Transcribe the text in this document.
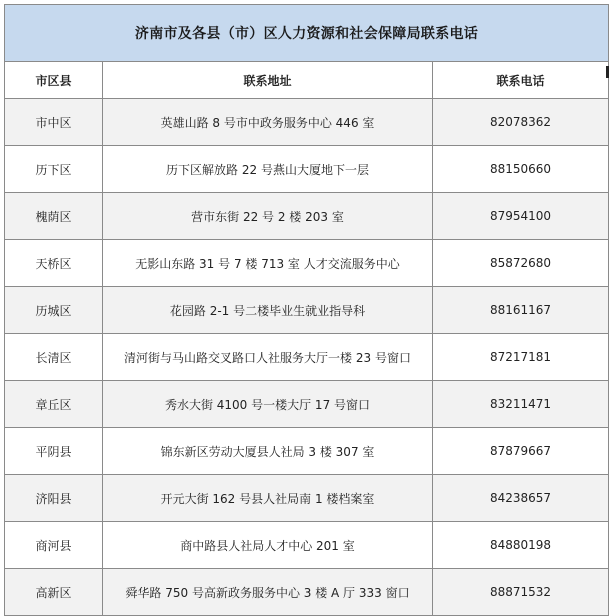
济南市及各县（市）区人力资源和社会保障局联系电话		
市区县	联系地址	联系电话
市中区	英雄山路 8 号市中政务服务中心 446 室	82078362
历下区	历下区解放路 22 号燕山大厦地下一层	88150660
槐荫区	营市东街 22 号 2 楼 203 室	87954100
天桥区	无影山东路 31 号 7 楼 713 室 人才交流服务中心	85872680
历城区	花园路 2-1 号二楼毕业生就业指导科	88161167
长清区	清河街与马山路交叉路口人社服务大厅一楼 23 号窗口	87217181
章丘区	秀水大街 4100 号一楼大厅 17 号窗口	83211471
平阴县	锦东新区劳动大厦县人社局 3 楼 307 室	87879667
济阳县	开元大街 162 号县人社局南 1 楼档案室	84238657
商河县	商中路县人社局人才中心 201 室	84880198
高新区	舜华路 750 号高新政务服务中心 3 楼 A 厅 333 窗口	88871532
